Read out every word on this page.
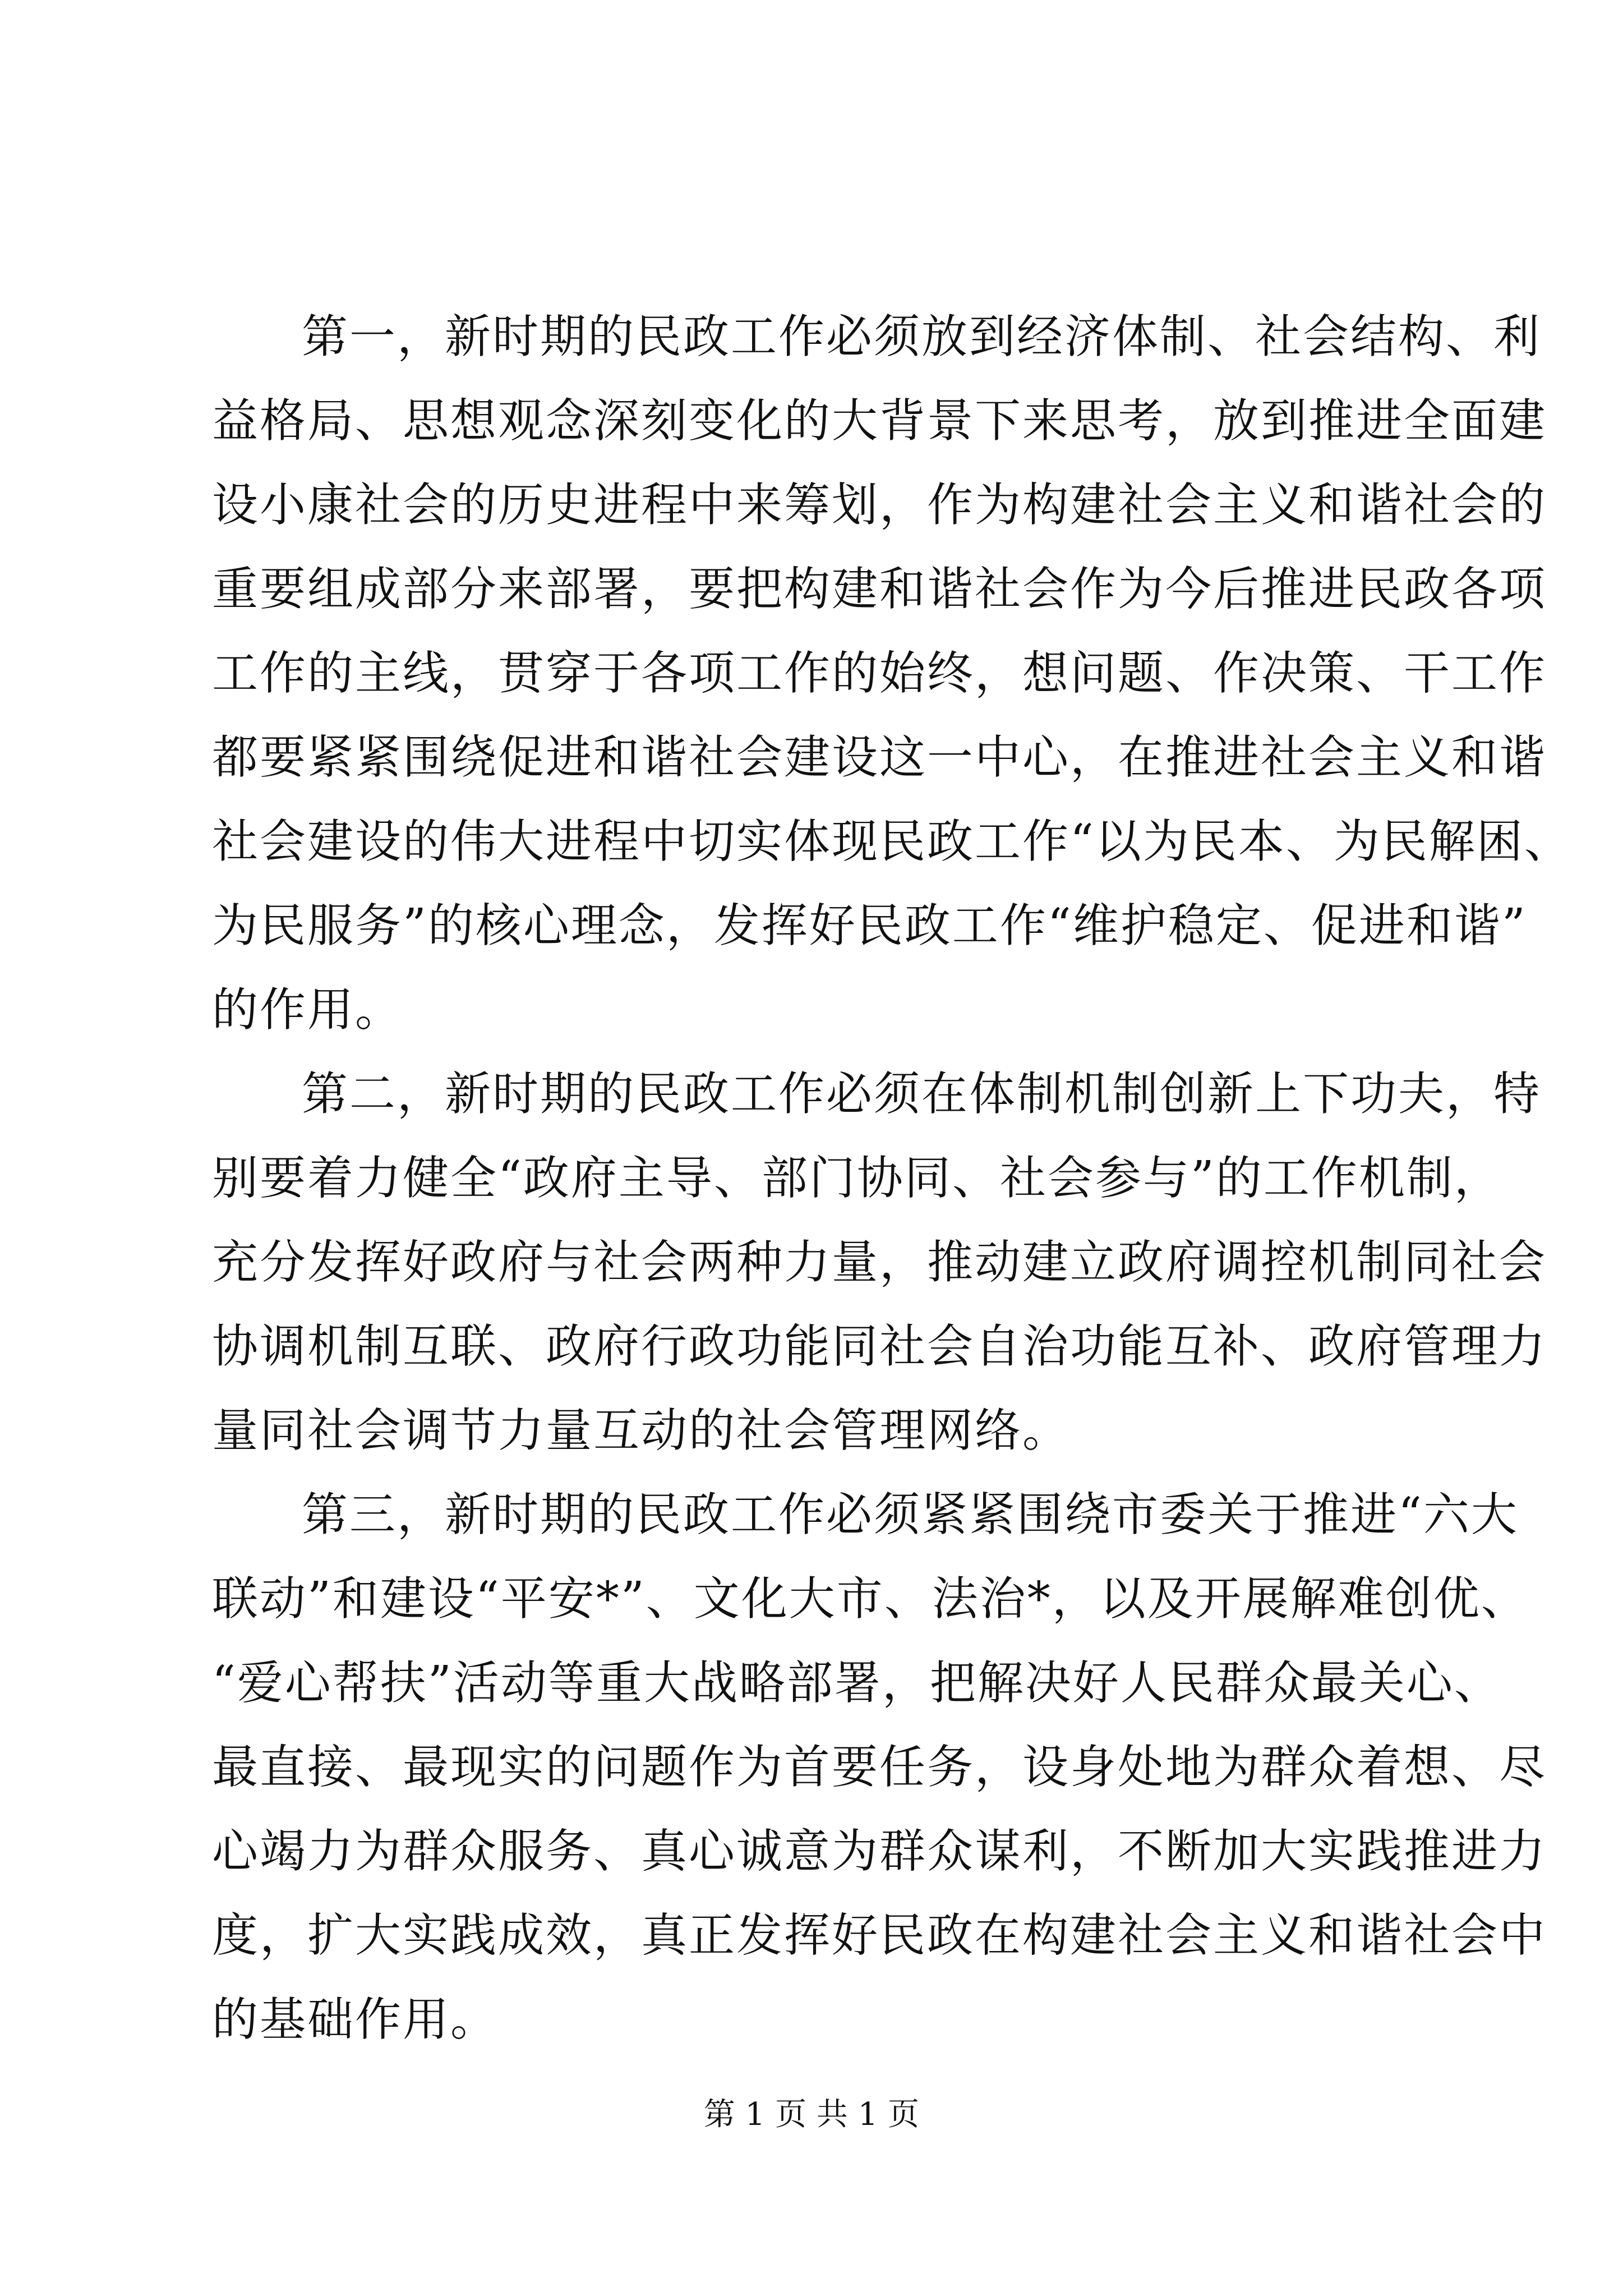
第一，新时期的民政工作必须放到经济体制、社会结构、利
益格局、思想观念深刻变化的大背景下来思考，放到推进全面建
设小康社会的历史进程中来筹划，作为构建社会主义和谐社会的
重要组成部分来部署，要把构建和谐社会作为今后推进民政各项
工作的主线，贯穿于各项工作的始终，想问题、作决策、干工作
都要紧紧围绕促进和谐社会建设这一中心，在推进社会主义和谐
社会建设的伟大进程中切实体现民政工作“以为民本、为民解困、
为民服务”的核心理念，发挥好民政工作“维护稳定、促进和谐”
的作用。
第二，新时期的民政工作必须在体制机制创新上下功夫，特
别要着力健全“政府主导、部门协同、社会参与”的工作机制，
充分发挥好政府与社会两种力量，推动建立政府调控机制同社会
协调机制互联、政府行政功能同社会自治功能互补、政府管理力
量同社会调节力量互动的社会管理网络。
第三，新时期的民政工作必须紧紧围绕市委关于推进“六大
联动”和建设“平安*”、文化大市、法治*，以及开展解难创优、
“爱心帮扶”活动等重大战略部署，把解决好人民群众最关心、
最直接、最现实的问题作为首要任务，设身处地为群众着想、尽
心竭力为群众服务、真心诚意为群众谋利，不断加大实践推进力
度，扩大实践成效，真正发挥好民政在构建社会主义和谐社会中
的基础作用。
第 1 页 共 1 页
